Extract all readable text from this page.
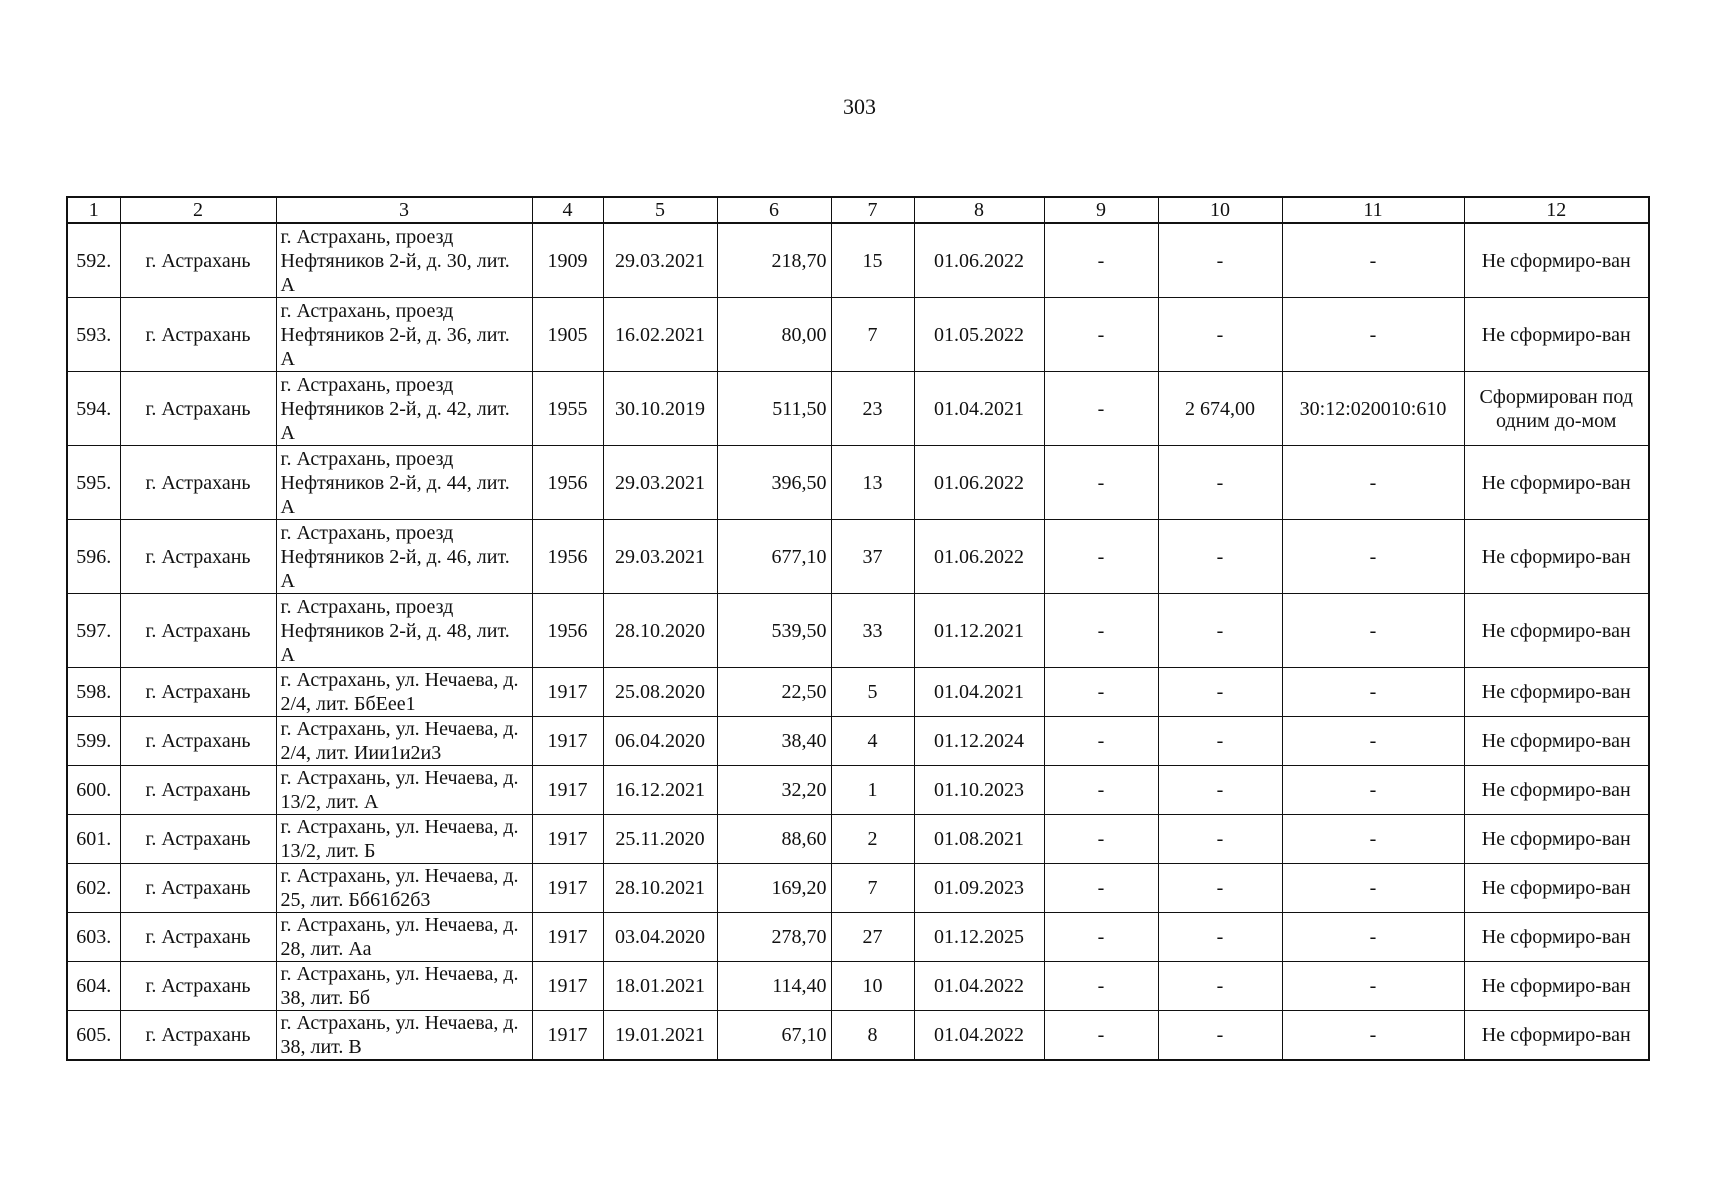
303
1	2	3	4	5	6	7	8	9	10	11	12
592.	г. Астрахань	г. Астрахань, проезд Нефтяников 2-й, д. 30, лит. А	1909	29.03.2021	218,70	15	01.06.2022	-	-	-	Не сформиро-ван
593.	г. Астрахань	г. Астрахань, проезд Нефтяников 2-й, д. 36, лит. А	1905	16.02.2021	80,00	7	01.05.2022	-	-	-	Не сформиро-ван
594.	г. Астрахань	г. Астрахань, проезд Нефтяников 2-й, д. 42, лит. А	1955	30.10.2019	511,50	23	01.04.2021	-	2 674,00	30:12:020010:610	Сформирован под одним до-мом
595.	г. Астрахань	г. Астрахань, проезд Нефтяников 2-й, д. 44, лит. А	1956	29.03.2021	396,50	13	01.06.2022	-	-	-	Не сформиро-ван
596.	г. Астрахань	г. Астрахань, проезд Нефтяников 2-й, д. 46, лит. А	1956	29.03.2021	677,10	37	01.06.2022	-	-	-	Не сформиро-ван
597.	г. Астрахань	г. Астрахань, проезд Нефтяников 2-й, д. 48, лит. А	1956	28.10.2020	539,50	33	01.12.2021	-	-	-	Не сформиро-ван
598.	г. Астрахань	г. Астрахань, ул. Нечаева, д. 2/4, лит. БбЕее1	1917	25.08.2020	22,50	5	01.04.2021	-	-	-	Не сформиро-ван
599.	г. Астрахань	г. Астрахань, ул. Нечаева, д. 2/4, лит. Иии1и2и3	1917	06.04.2020	38,40	4	01.12.2024	-	-	-	Не сформиро-ван
600.	г. Астрахань	г. Астрахань, ул. Нечаева, д. 13/2, лит. А	1917	16.12.2021	32,20	1	01.10.2023	-	-	-	Не сформиро-ван
601.	г. Астрахань	г. Астрахань, ул. Нечаева, д. 13/2, лит. Б	1917	25.11.2020	88,60	2	01.08.2021	-	-	-	Не сформиро-ван
602.	г. Астрахань	г. Астрахань, ул. Нечаева, д. 25, лит. Бб61б2б3	1917	28.10.2021	169,20	7	01.09.2023	-	-	-	Не сформиро-ван
603.	г. Астрахань	г. Астрахань, ул. Нечаева, д. 28, лит. Аа	1917	03.04.2020	278,70	27	01.12.2025	-	-	-	Не сформиро-ван
604.	г. Астрахань	г. Астрахань, ул. Нечаева, д. 38, лит. Бб	1917	18.01.2021	114,40	10	01.04.2022	-	-	-	Не сформиро-ван
605.	г. Астрахань	г. Астрахань, ул. Нечаева, д. 38, лит. В	1917	19.01.2021	67,10	8	01.04.2022	-	-	-	Не сформиро-ван
